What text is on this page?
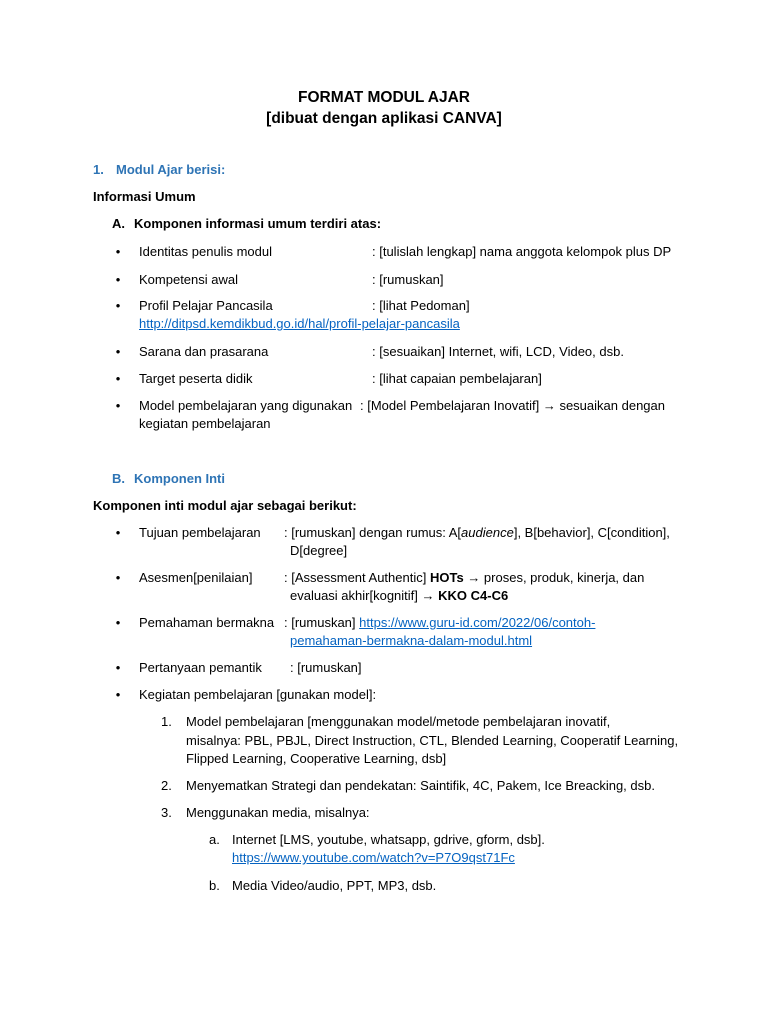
FORMAT MODUL AJAR
[dibuat dengan aplikasi CANVA]
1. Modul Ajar berisi:
Informasi Umum
A. Komponen informasi umum terdiri atas:
• Identitas penulis modul	: [tulislah lengkap] nama anggota kelompok plus DP
• Kompetensi awal	: [rumuskan]
• Profil Pelajar Pancasila	: [lihat Pedoman]
http://ditpsd.kemdikbud.go.id/hal/profil-pelajar-pancasila
• Sarana dan prasarana	: [sesuaikan] Internet, wifi, LCD, Video, dsb.
• Target peserta didik	: [lihat capaian pembelajaran]
• Model pembelajaran yang digunakan : [Model Pembelajaran Inovatif] → sesuaikan dengan
kegiatan pembelajaran
B. Komponen Inti
Komponen inti modul ajar sebagai berikut:
• Tujuan pembelajaran : [rumuskan] dengan rumus: A[audience], B[behavior], C[condition],
D[degree]
• Asesmen[penilaian] : [Assessment Authentic] HOTs → proses, produk, kinerja, dan
evaluasi akhir[kognitif] → KKO C4-C6
• Pemahaman bermakna : [rumuskan] https://www.guru-id.com/2022/06/contoh-
pemahaman-bermakna-dalam-modul.html
• Pertanyaan pemantik : [rumuskan]
• Kegiatan pembelajaran [gunakan model]:
1. Model pembelajaran [menggunakan model/metode pembelajaran inovatif,
misalnya: PBL, PBJL, Direct Instruction, CTL, Blended Learning, Cooperatif Learning,
Flipped Learning, Cooperative Learning, dsb]
2. Menyematkan Strategi dan pendekatan: Saintifik, 4C, Pakem, Ice Breacking, dsb.
3. Menggunakan media, misalnya:
a. Internet [LMS, youtube, whatsapp, gdrive, gform, dsb].
https://www.youtube.com/watch?v=P7O9qst71Fc
b. Media Video/audio, PPT, MP3, dsb.
